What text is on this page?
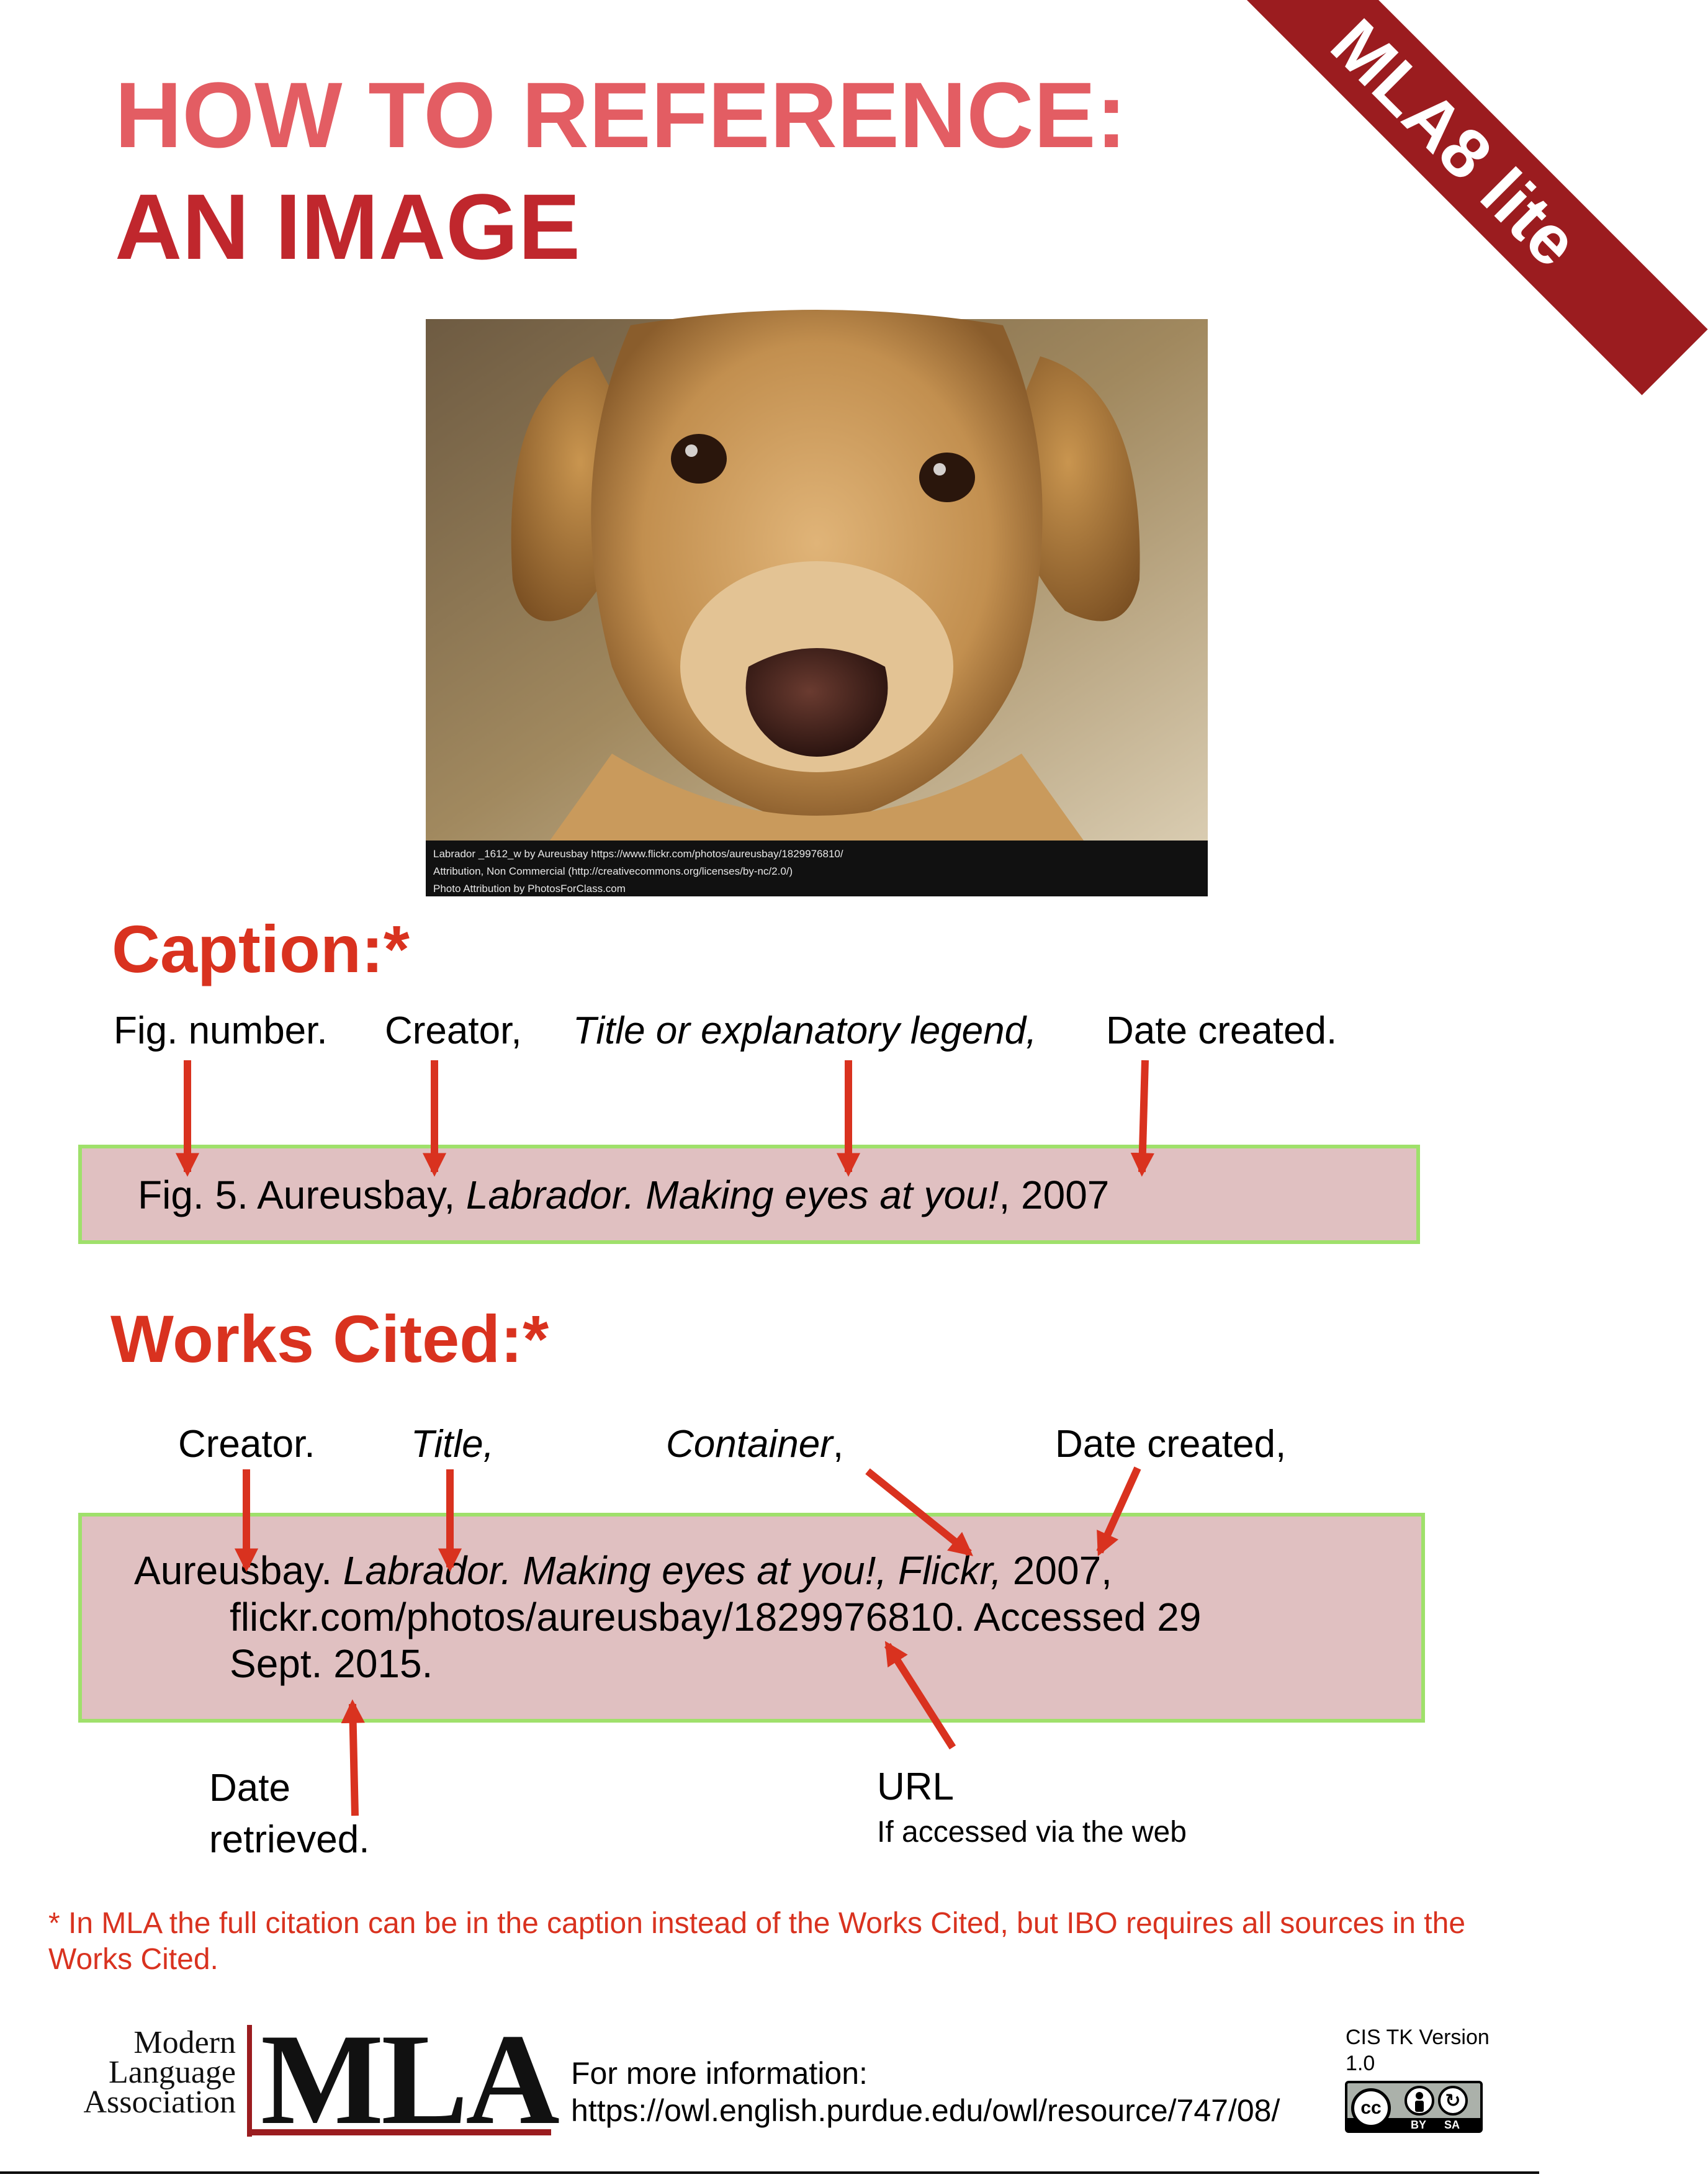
MLA8 lite
HOW TO REFERENCE:
AN IMAGE
Labrador _1612_w by Aureusbay https://www.flickr.com/photos/aureusbay/1829976810/
Attribution, Non Commercial (http://creativecommons.org/licenses/by-nc/2.0/)
Photo Attribution by PhotosForClass.com
Caption:*
Fig. number. Creator, Title or explanatory legend, Date created.
Fig. 5. Aureusbay, Labrador. Making eyes at you!, 2007
Works Cited:*
Creator. Title,	Container,	Date created,
Aureusbay. Labrador. Making eyes at you!, Flickr, 2007,
flickr.com/photos/aureusbay/1829976810. Accessed 29
Sept. 2015.
Date
retrieved.
URL
If accessed via the web
* In MLA the full citation can be in the caption instead of the Works Cited, but IBO requires all sources in the Works Cited.
Modern
Language
Association MLA For more information:
https://owl.english.purdue.edu/owl/resource/747/08/
CIS TK Version
1.0
cc	↻
BY SA
